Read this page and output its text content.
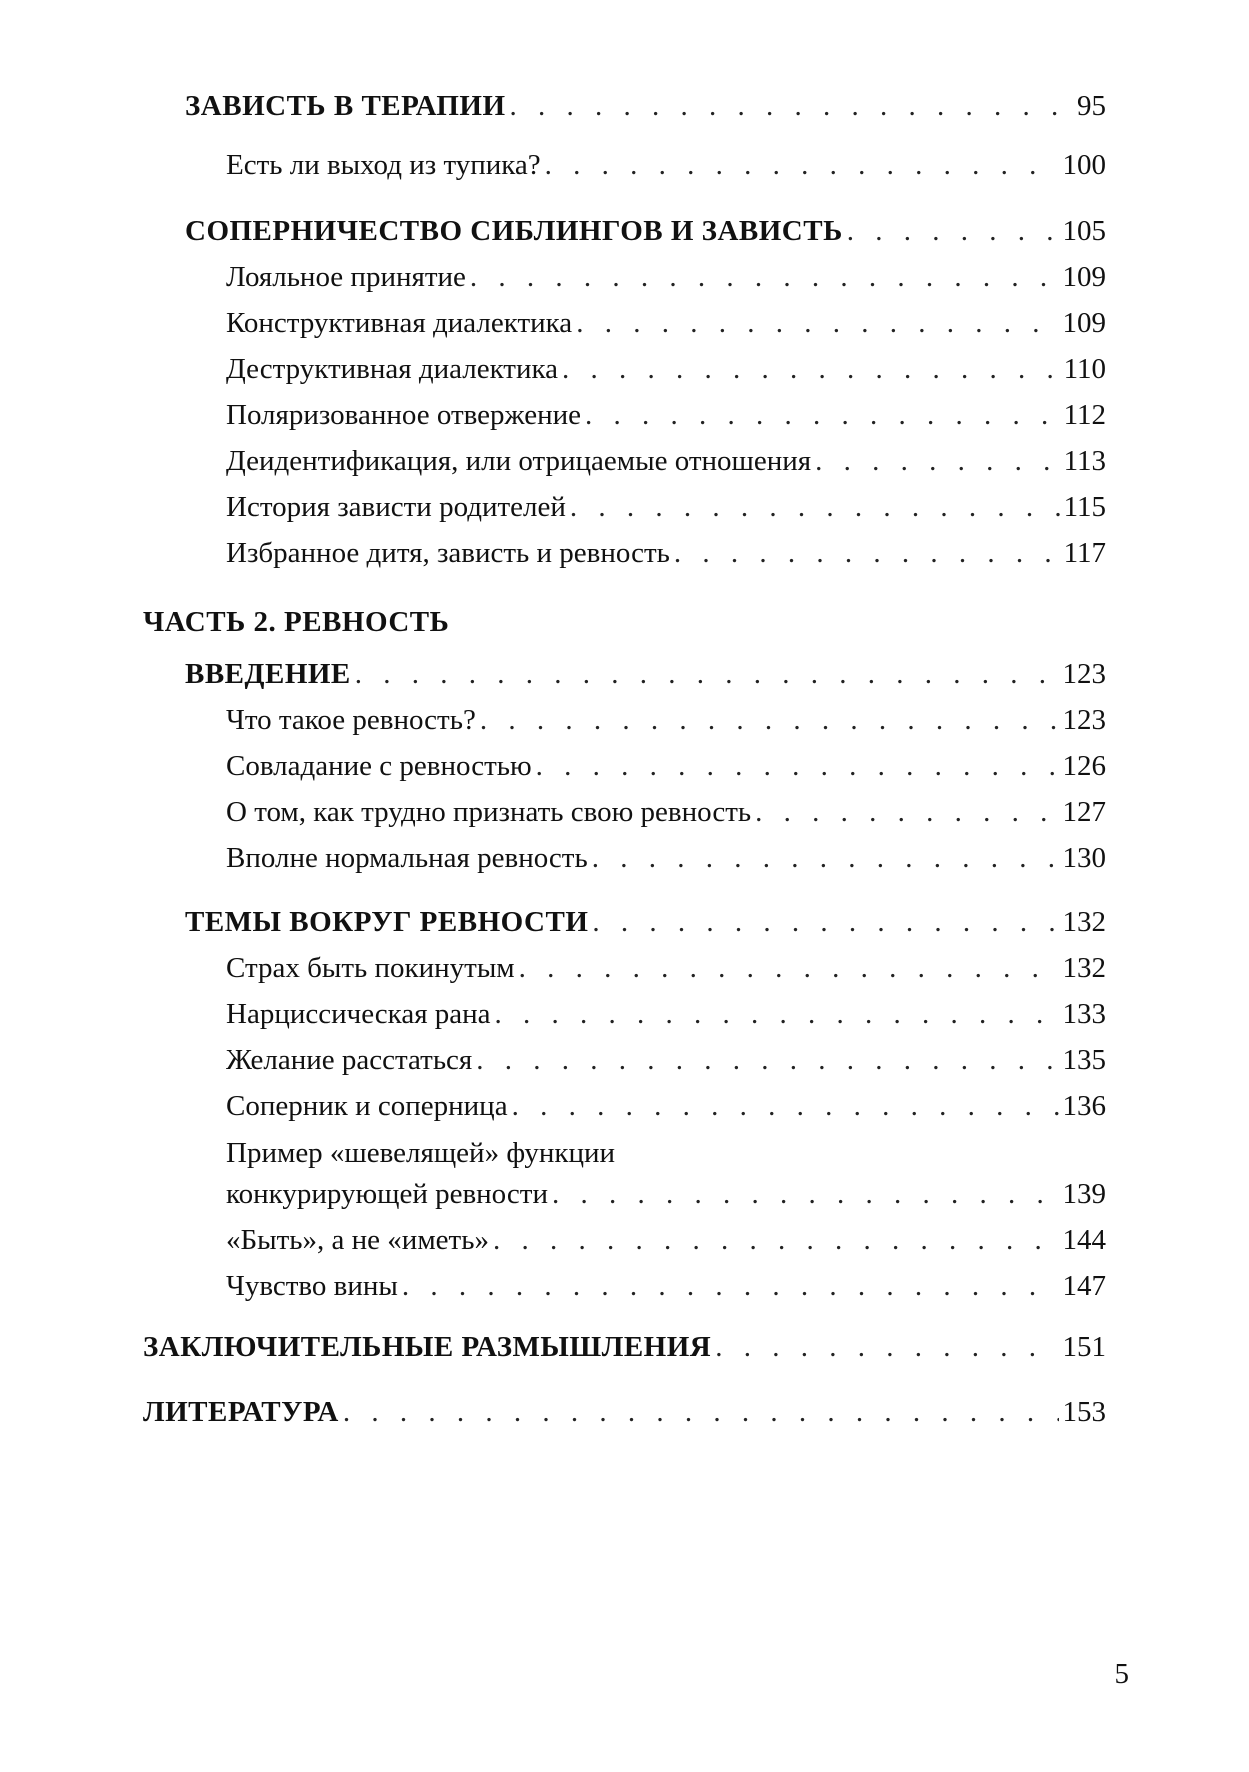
ЗАВИСТЬ В ТЕРАПИИ . . .	95
Есть ли выход из тупика? . . .	100
СОПЕРНИЧЕСТВО СИБЛИНГОВ И ЗАВИСТЬ . . .	105
Лояльное принятие . . .	109
Конструктивная диалектика . . .	109
Деструктивная диалектика . . .	110
Поляризованное отвержение . . .	112
Деидентификация, или отрицаемые отношения . . .	113
История зависти родителей . . .	115
Избранное дитя, зависть и ревность . . .	117
ЧАСТЬ 2. РЕВНОСТЬ
ВВЕДЕНИЕ . . .	123
Что такое ревность? . . .	123
Совладание с ревностью . . .	126
О том, как трудно признать свою ревность . . .	127
Вполне нормальная ревность . . .	130
ТЕМЫ ВОКРУГ РЕВНОСТИ . . .	132
Страх быть покинутым . . .	132
Нарциссическая рана . . .	133
Желание расстаться . . .	135
Соперник и соперница . . .	136
Пример «шевелящей» функции
конкурирующей ревности . . .	139
«Быть», а не «иметь» . . .	144
Чувство вины . . .	147
ЗАКЛЮЧИТЕЛЬНЫЕ РАЗМЫШЛЕНИЯ . . .	151
ЛИТЕРАТУРА . . .	153
5
